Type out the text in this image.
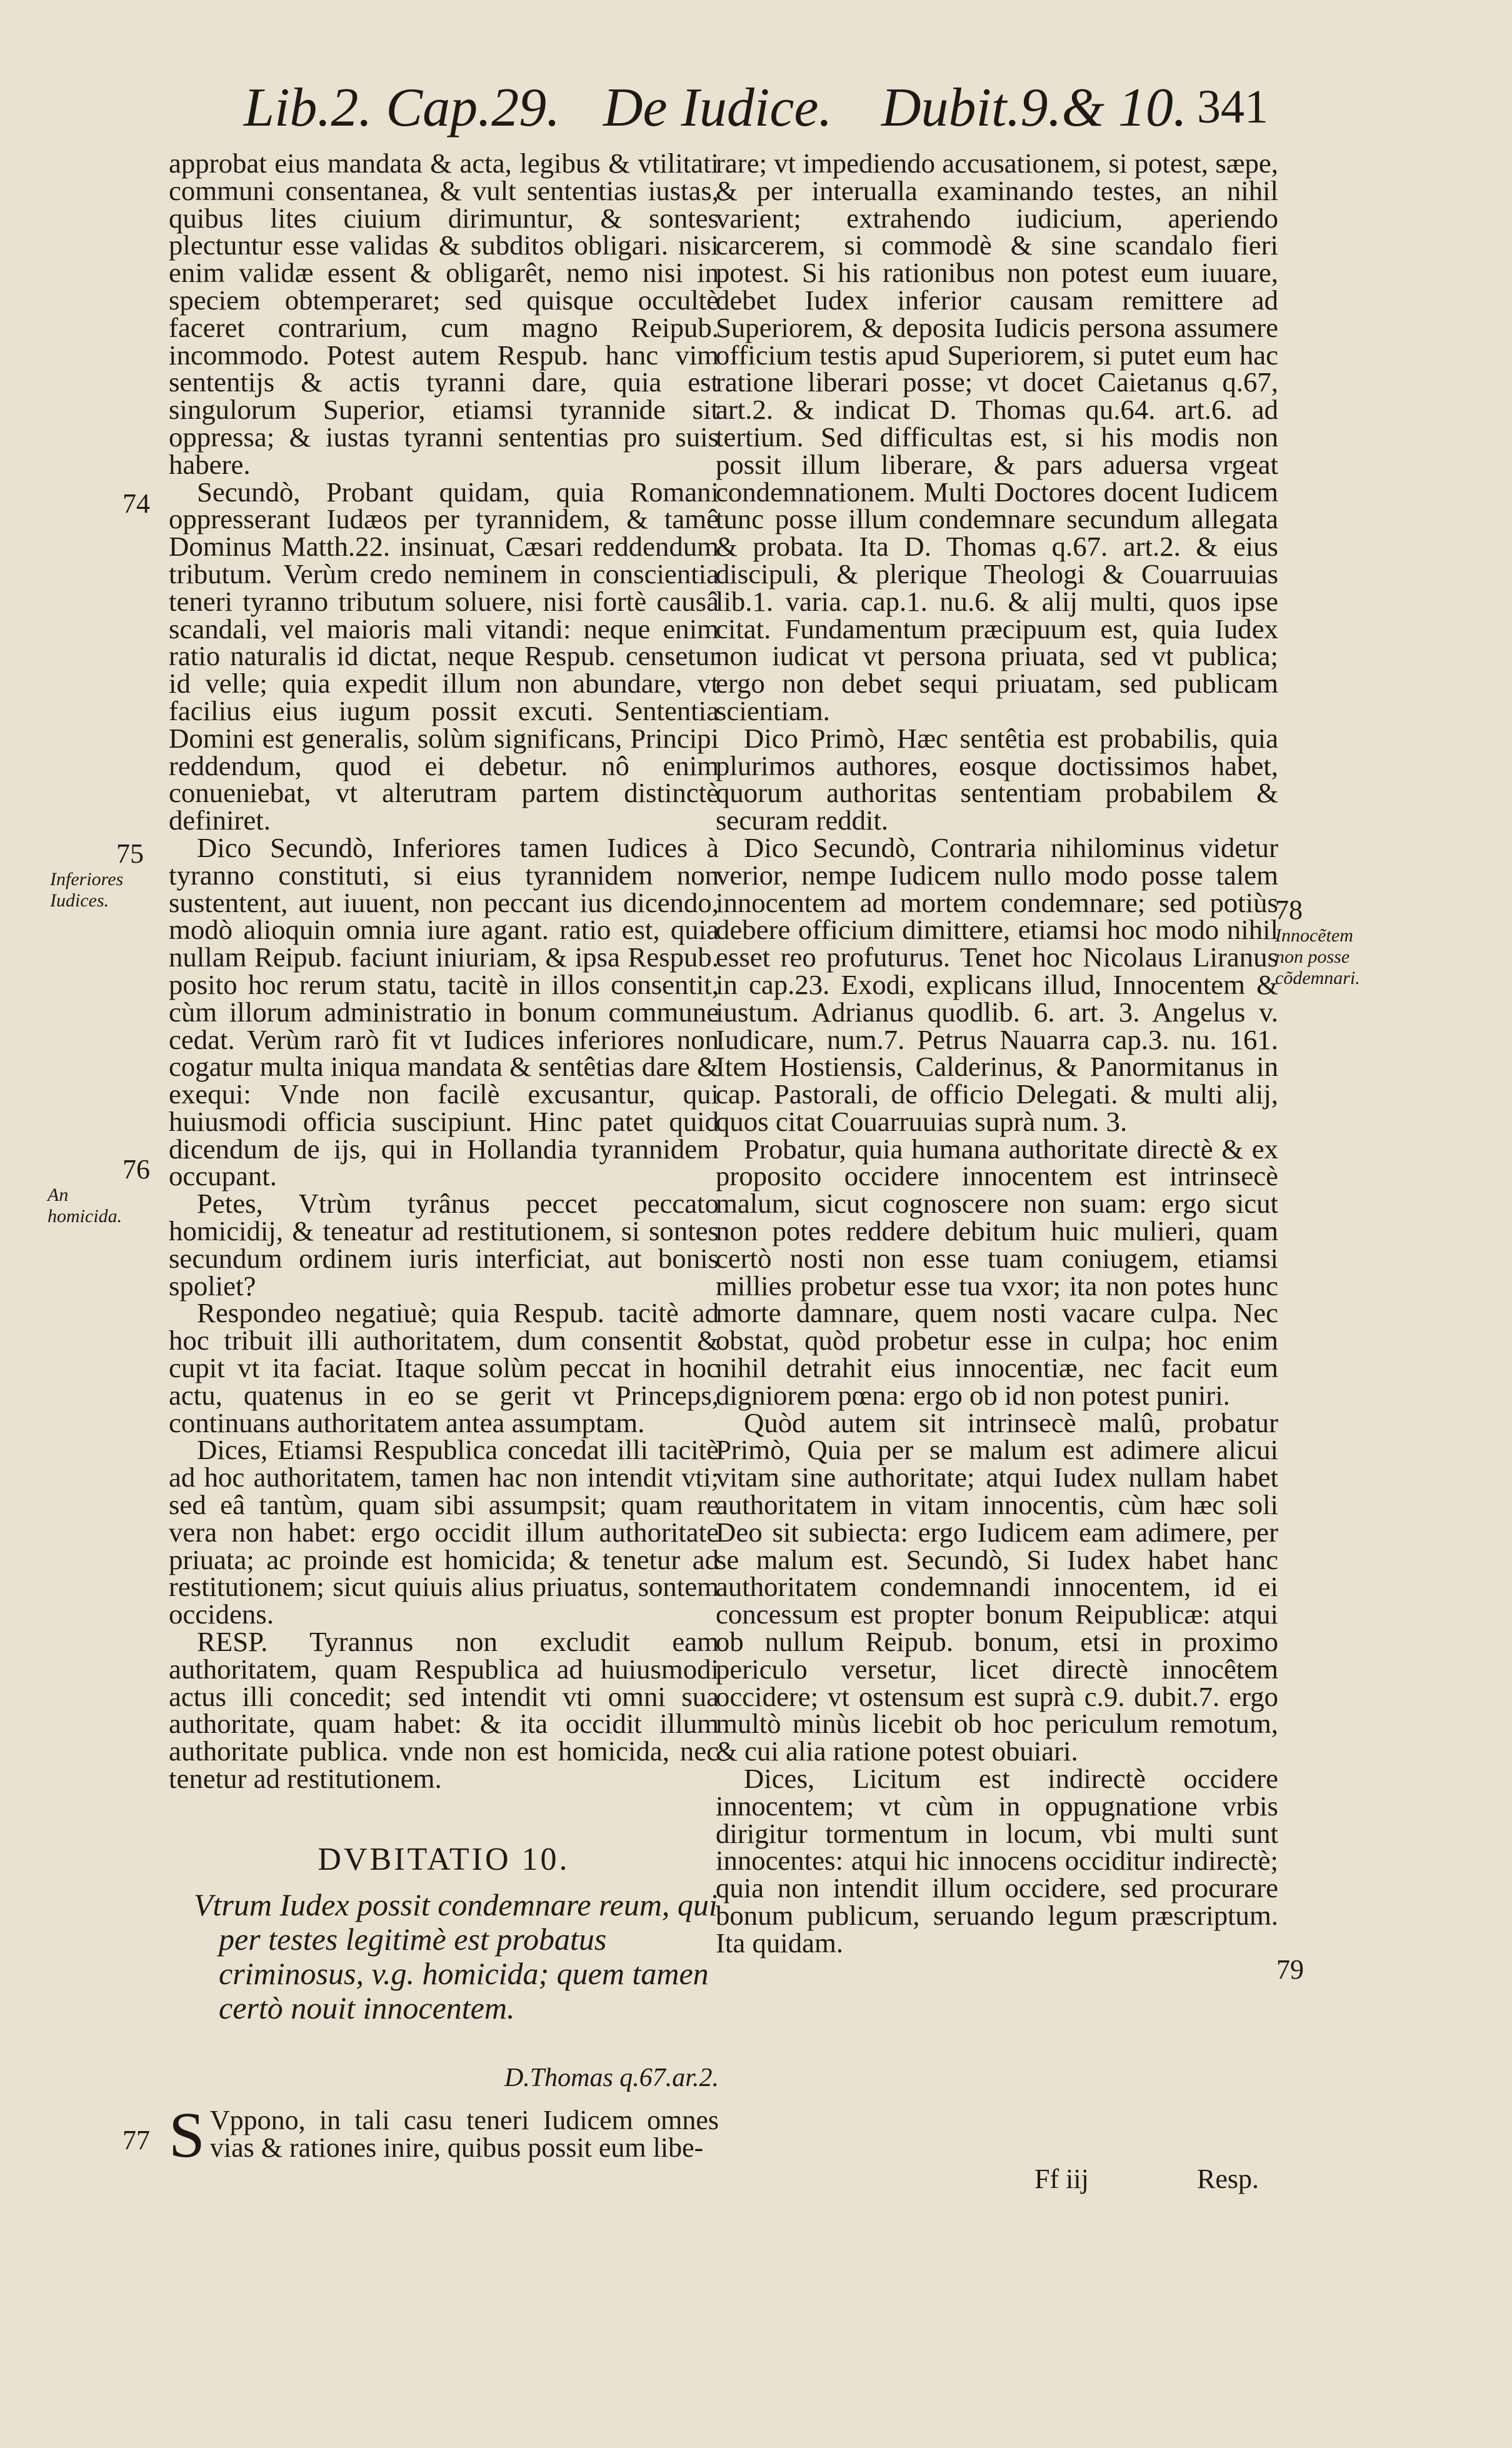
Lib.2. Cap.29. De Iudice. Dubit.9.& 10. 341

approbat eius mandata & acta, legibus & vtilitati communi consentanea, & vult sententias iustas, quibus lites ciuium dirimuntur, & sontes plectuntur esse validas & subditos obligari. nisi enim validæ essent & obligarêt, nemo nisi in speciem obtemperaret; sed quisque occultè faceret contrarium, cum magno Reipub. incommodo. Potest autem Respub. hanc vim sententijs & actis tyranni dare, quia est singulorum Superior, etiamsi tyrannide sit oppressa; & iustas tyranni sententias pro suis habere.

Secundò, Probant quidam, quia Romani oppresserant Iudæos per tyrannidem, & tamê Dominus Matth.22. insinuat, Cæsari reddendum tributum. Verùm credo neminem in conscientia teneri tyranno tributum soluere, nisi fortè causâ scandali, vel maioris mali vitandi: neque enim ratio naturalis id dictat, neque Respub. censetur id velle; quia expedit illum non abundare, vt facilius eius iugum possit excuti. Sententia Domini est generalis, solùm significans, Principi reddendum, quod ei debetur. nô enim conueniebat, vt alterutram partem distinctè definiret.

Dico Secundò, Inferiores tamen Iudices à tyranno constituti, si eius tyrannidem non sustentent, aut iuuent, non peccant ius dicendo, modò alioquin omnia iure agant. ratio est, quia nullam Reipub. faciunt iniuriam, & ipsa Respub. posito hoc rerum statu, tacitè in illos consentit, cùm illorum administratio in bonum commune cedat. Verùm rarò fit vt Iudices inferiores non cogatur multa iniqua mandata & sentêtias dare & exequi: Vnde non facilè excusantur, qui huiusmodi officia suscipiunt. Hinc patet quid dicendum de ijs, qui in Hollandia tyrannidem occupant.

Petes, Vtrùm tyrânus peccet peccato homicidij, & teneatur ad restitutionem, si sontes secundum ordinem iuris interficiat, aut bonis spoliet?

Respondeo negatiuè; quia Respub. tacitè ad hoc tribuit illi authoritatem, dum consentit & cupit vt ita faciat. Itaque solùm peccat in hoc actu, quatenus in eo se gerit vt Princeps, continuans authoritatem antea assumptam.

Dices, Etiamsi Respublica concedat illi tacitè ad hoc authoritatem, tamen hac non intendit vti; sed eâ tantùm, quam sibi assumpsit; quam re vera non habet: ergo occidit illum authoritate priuata; ac proinde est homicida; & tenetur ad restitutionem; sicut quiuis alius priuatus, sontem occidens.

RESP. Tyrannus non excludit eam authoritatem, quam Respublica ad huiusmodi actus illi concedit; sed intendit vti omni sua authoritate, quam habet: & ita occidit illum authoritate publica. vnde non est homicida, nec tenetur ad restitutionem.

DVBITATIO 10.
Vtrum Iudex possit condemnare reum, qui per testes legitimè est probatus criminosus, v.g. homicida; quem tamen certò nouit innocentem.
D.Thomas q.67.ar.2.
S Vppono, in tali casu teneri Iudicem omnes vias & rationes inire, quibus possit eum libe-

rare; vt impediendo accusationem, si potest, sæpe, & per interualla examinando testes, an nihil varient; extrahendo iudicium, aperiendo carcerem, si commodè & sine scandalo fieri potest. Si his rationibus non potest eum iuuare, debet Iudex inferior causam remittere ad Superiorem, & deposita Iudicis persona assumere officium testis apud Superiorem, si putet eum hac ratione liberari posse; vt docet Caietanus q.67, art.2. & indicat D. Thomas qu.64. art.6. ad tertium. Sed difficultas est, si his modis non possit illum liberare, & pars aduersa vrgeat condemnationem. Multi Doctores docent Iudicem tunc posse illum condemnare secundum allegata & probata. Ita D. Thomas q.67. art.2. & eius discipuli, & plerique Theologi & Couarruuias lib.1. varia. cap.1. nu.6. & alij multi, quos ipse citat. Fundamentum præcipuum est, quia Iudex non iudicat vt persona priuata, sed vt publica; ergo non debet sequi priuatam, sed publicam scientiam.

Dico Primò, Hæc sentêtia est probabilis, quia plurimos authores, eosque doctissimos habet, quorum authoritas sententiam probabilem & securam reddit.

Dico Secundò, Contraria nihilominus videtur verior, nempe Iudicem nullo modo posse talem innocentem ad mortem condemnare; sed potiùs debere officium dimittere, etiamsi hoc modo nihil esset reo profuturus. Tenet hoc Nicolaus Liranus in cap.23. Exodi, explicans illud, Innocentem & iustum. Adrianus quodlib. 6. art. 3. Angelus v. Iudicare, num.7. Petrus Nauarra cap.3. nu. 161. Item Hostiensis, Calderinus, & Panormitanus in cap. Pastorali, de officio Delegati. & multi alij, quos citat Couarruuias suprà num. 3.

Probatur, quia humana authoritate directè & ex proposito occidere innocentem est intrinsecè malum, sicut cognoscere non suam: ergo sicut non potes reddere debitum huic mulieri, quam certò nosti non esse tuam coniugem, etiamsi millies probetur esse tua vxor; ita non potes hunc morte damnare, quem nosti vacare culpa. Nec obstat, quòd probetur esse in culpa; hoc enim nihil detrahit eius innocentiæ, nec facit eum digniorem pœna: ergo ob id non potest puniri.

Quòd autem sit intrinsecè malû, probatur Primò, Quia per se malum est adimere alicui vitam sine authoritate; atqui Iudex nullam habet authoritatem in vitam innocentis, cùm hæc soli Deo sit subiecta: ergo Iudicem eam adimere, per se malum est. Secundò, Si Iudex habet hanc authoritatem condemnandi innocentem, id ei concessum est propter bonum Reipublicæ: atqui ob nullum Reipub. bonum, etsi in proximo periculo versetur, licet directè innocêtem occidere; vt ostensum est suprà c.9. dubit.7. ergo multò minùs licebit ob hoc periculum remotum, & cui alia ratione potest obuiari.

Dices, Licitum est indirectè occidere innocentem; vt cùm in oppugnatione vrbis dirigitur tormentum in locum, vbi multi sunt innocentes: atqui hic innocens occiditur indirectè; quia non intendit illum occidere, sed procurare bonum publicum, seruando legum præscriptum. Ita quidam.

74
75
Inferiores Iudices.
76
An homicida.
77
78
Innocẽtem non posse cõdemnari.
79
Ff iij	Resp.
